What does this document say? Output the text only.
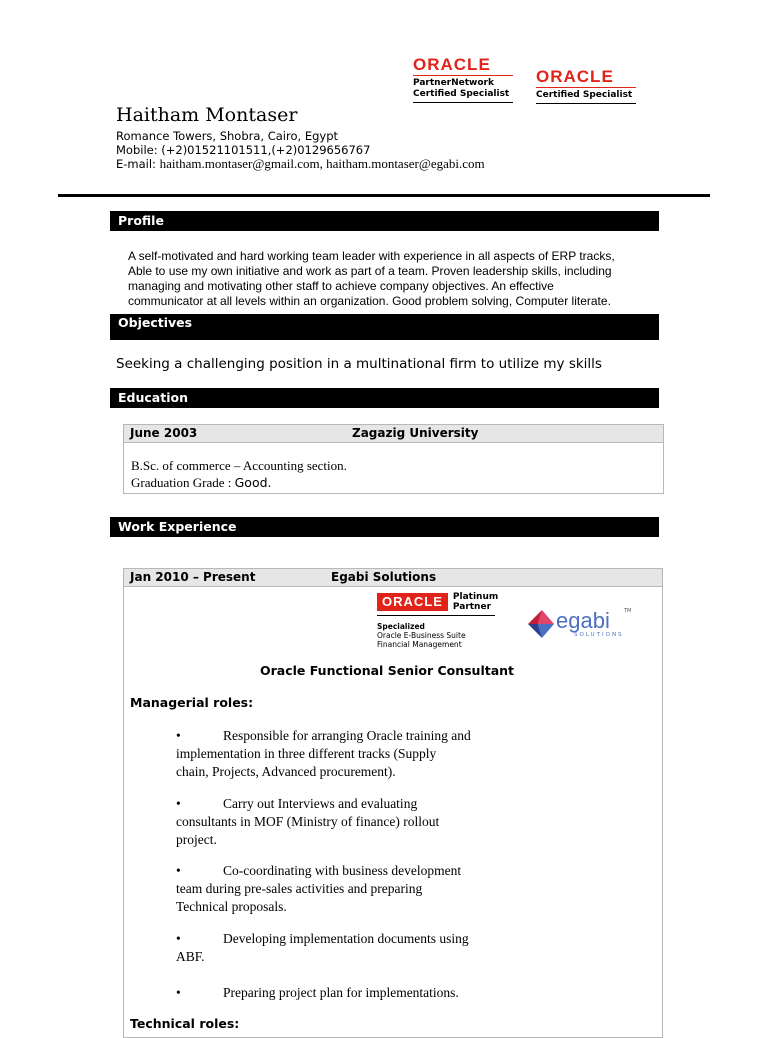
Haitham Montaser
Romance Towers, Shobra, Cairo, Egypt
Mobile: (+2)01521101511,(+2)0129656767
E-mail: haitham.montaser@gmail.com, haitham.montaser@egabi.com
ORACLE
PartnerNetwork
Certified Specialist
ORACLE
Certified Specialist
Profile
A self-motivated and hard working team leader with experience in all aspects of ERP tracks,
Able to use my own initiative and work as part of a team. Proven leadership skills, including
managing and motivating other staff to achieve company objectives. An effective
communicator at all levels within an organization. Good problem solving, Computer literate.
Objectives
Seeking a challenging position in a multinational firm to utilize my skills
Education
June 2003	Zagazig University
B.Sc. of commerce – Accounting section.
Graduation Grade : Good.
Work Experience
Jan 2010 – Present	Egabi Solutions
ORACLE	Platinum
Partner
Specialized
Oracle E-Business Suite
Financial Management
egabi	TM
SOLUTIONS
Oracle Functional Senior Consultant
Managerial roles:
•	Responsible for arranging Oracle training and
implementation in three different tracks (Supply
chain, Projects, Advanced procurement).
•	Carry out Interviews and evaluating
consultants in MOF (Ministry of finance) rollout
project.
•	Co-coordinating with business development
team during pre-sales activities and preparing
Technical proposals.
•	Developing implementation documents using
ABF.
•	Preparing project plan for implementations.
Technical roles:
